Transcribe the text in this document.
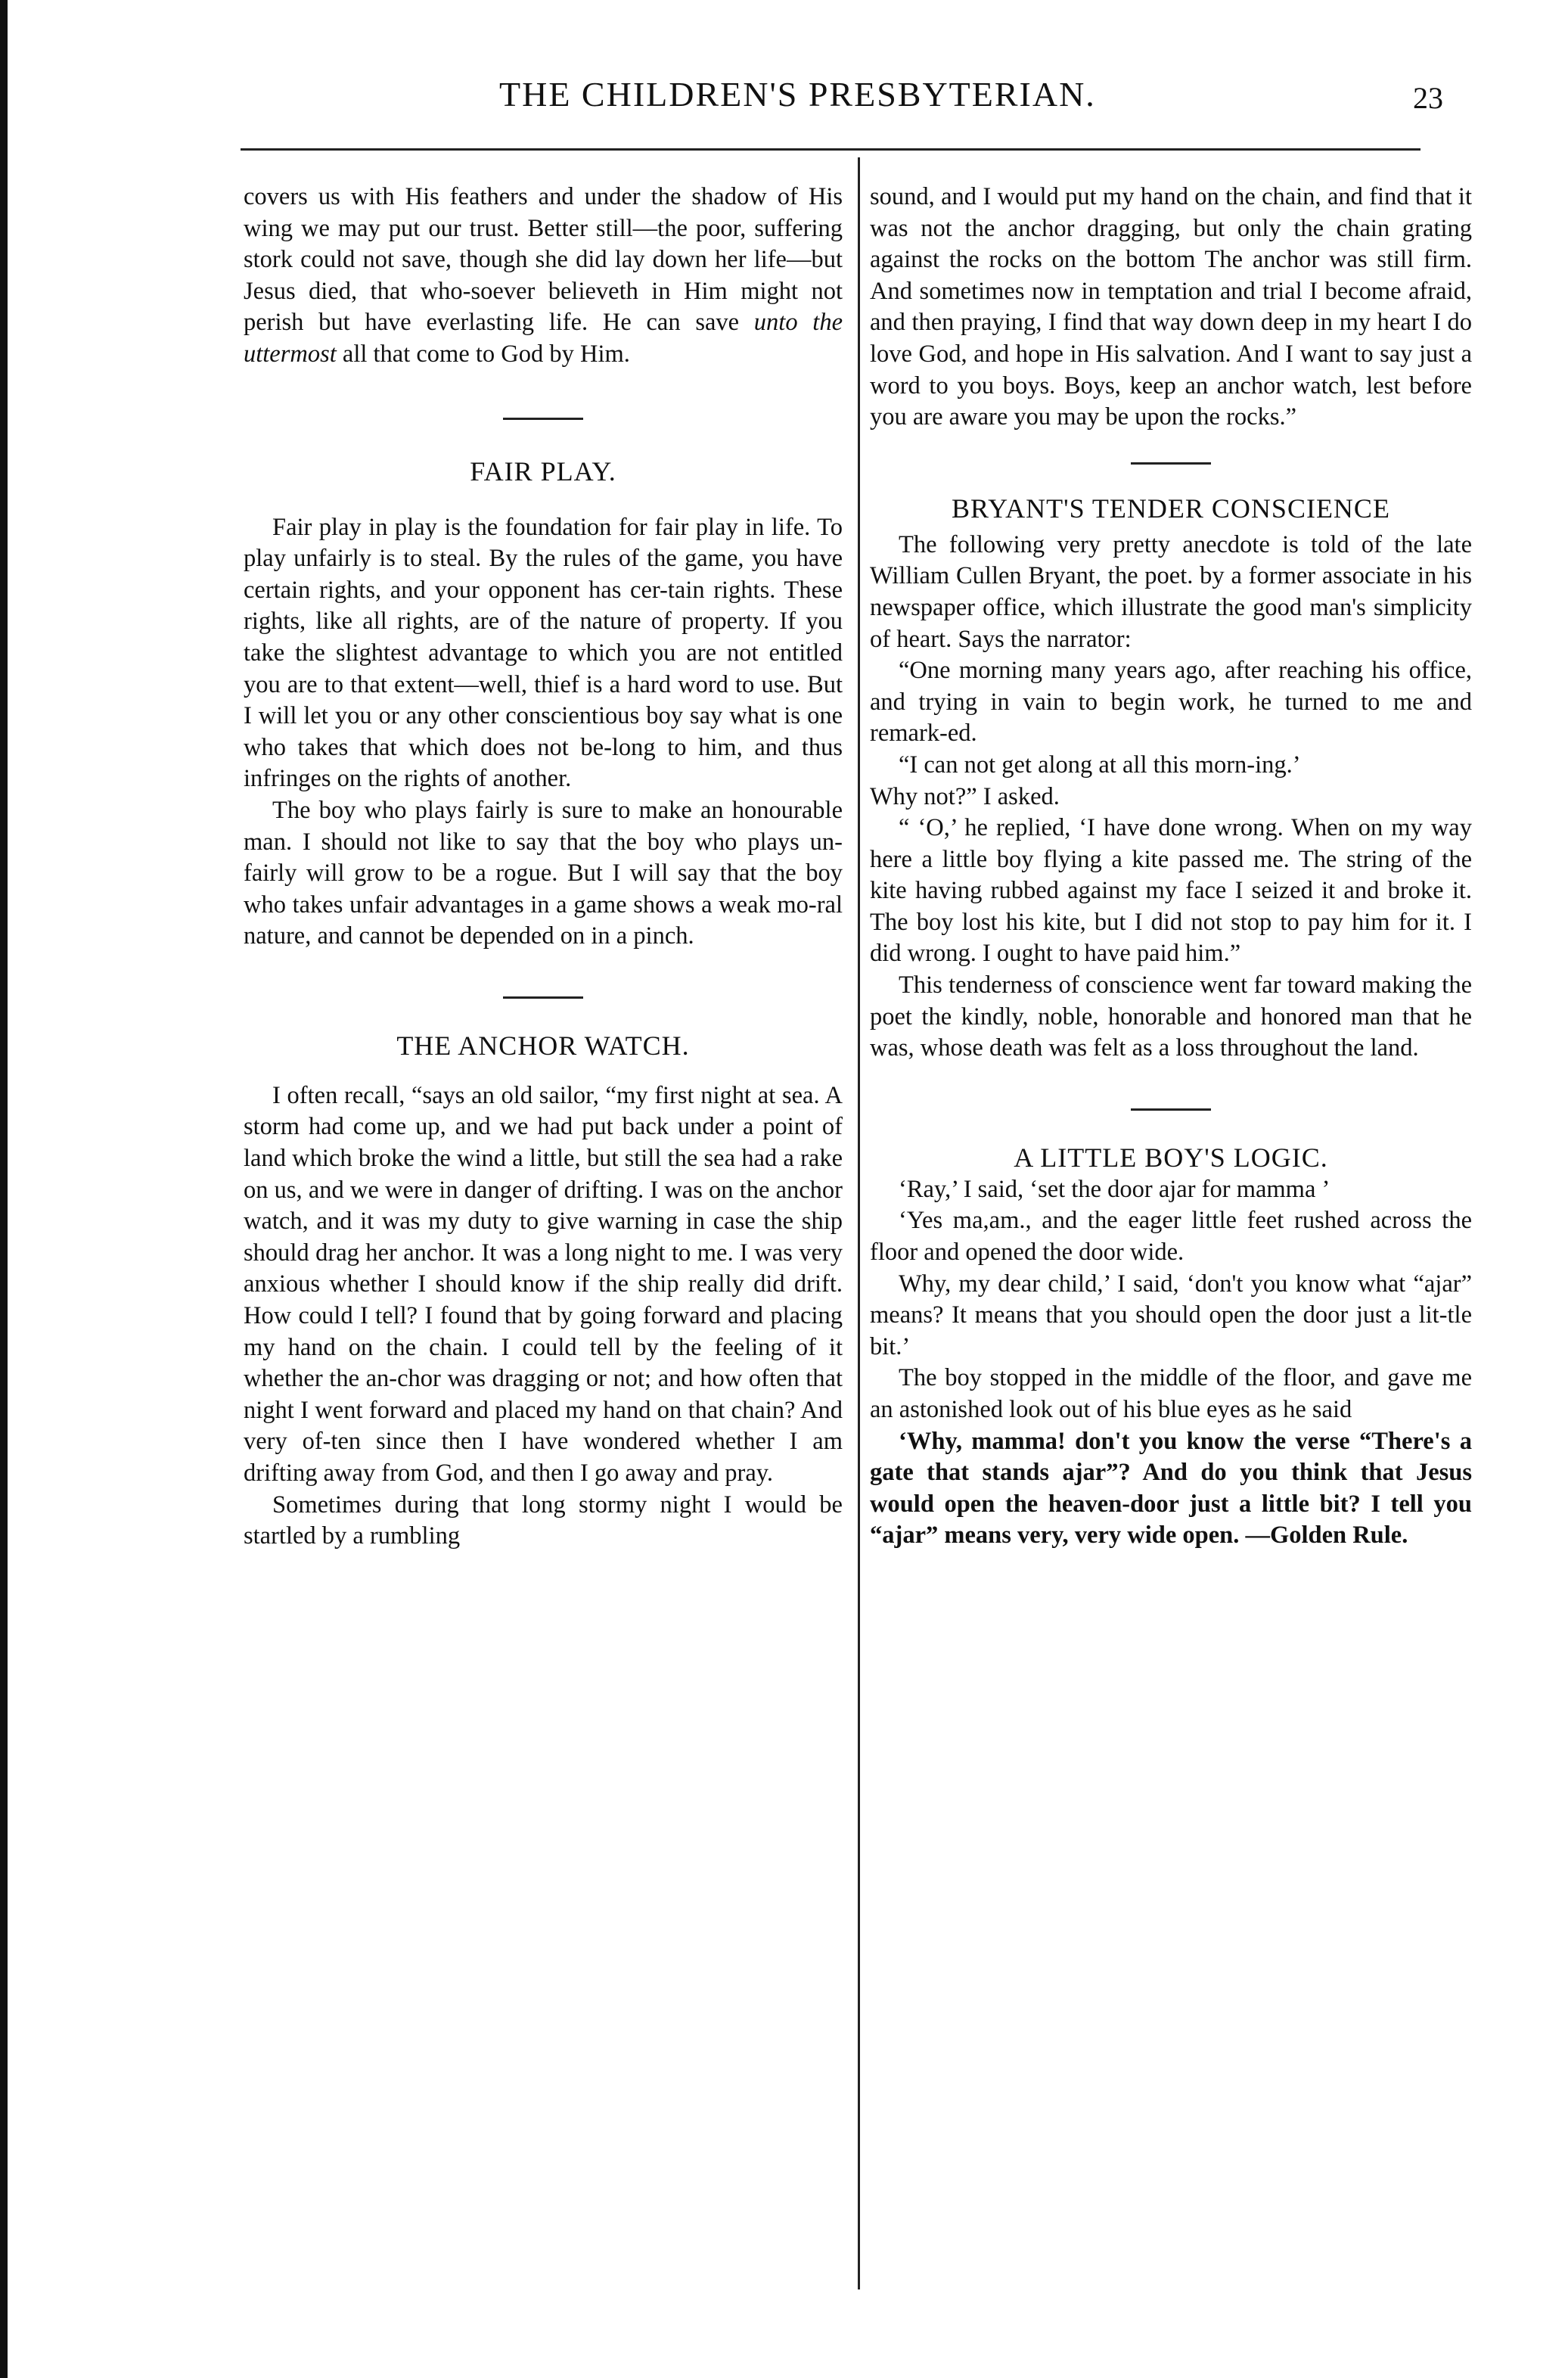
THE CHILDREN'S PRESBYTERIAN.	23

covers us with His feathers and under the shadow of His wing we may put our trust. Better still—the poor, suffering stork could not save, though she did lay down her life—but Jesus died, that who-soever believeth in Him might not perish but have everlasting life. He can save unto the uttermost all that come to God by Him.

FAIR PLAY.

Fair play in play is the foundation for fair play in life. To play unfairly is to steal. By the rules of the game, you have certain rights, and your opponent has cer-tain rights. These rights, like all rights, are of the nature of property. If you take the slightest advantage to which you are not entitled you are to that extent—well, thief is a hard word to use. But I will let you or any other conscientious boy say what is one who takes that which does not be-long to him, and thus infringes on the rights of another.

The boy who plays fairly is sure to make an honourable man. I should not like to say that the boy who plays un-fairly will grow to be a rogue. But I will say that the boy who takes unfair advantages in a game shows a weak mo-ral nature, and cannot be depended on in a pinch.

THE ANCHOR WATCH.

I often recall, “says an old sailor, “my first night at sea. A storm had come up, and we had put back under a point of land which broke the wind a little, but still the sea had a rake on us, and we were in danger of drifting. I was on the anchor watch, and it was my duty to give warning in case the ship should drag her anchor. It was a long night to me. I was very anxious whether I should know if the ship really did drift. How could I tell? I found that by going forward and placing my hand on the chain. I could tell by the feeling of it whether the an-chor was dragging or not; and how often that night I went forward and placed my hand on that chain? And very of-ten since then I have wondered whether I am drifting away from God, and then I go away and pray.

Sometimes during that long stormy night I would be startled by a rumbling

sound, and I would put my hand on the chain, and find that it was not the anchor dragging, but only the chain grating against the rocks on the bottom The anchor was still firm. And sometimes now in temptation and trial I become afraid, and then praying, I find that way down deep in my heart I do love God, and hope in His salvation. And I want to say just a word to you boys. Boys, keep an anchor watch, lest before you are aware you may be upon the rocks.”

BRYANT'S TENDER CONSCIENCE

The following very pretty anecdote is told of the late William Cullen Bryant, the poet. by a former associate in his newspaper office, which illustrate the good man's simplicity of heart. Says the narrator:

“One morning many years ago, after reaching his office, and trying in vain to begin work, he turned to me and remark-ed.

“I can not get along at all this morn-ing.’

Why not?” I asked.

“ ‘O,’ he replied, ‘I have done wrong. When on my way here a little boy flying a kite passed me. The string of the kite having rubbed against my face I seized it and broke it. The boy lost his kite, but I did not stop to pay him for it. I did wrong. I ought to have paid him.”

This tenderness of conscience went far toward making the poet the kindly, noble, honorable and honored man that he was, whose death was felt as a loss throughout the land.

A LITTLE BOY'S LOGIC.

‘Ray,’ I said, ‘set the door ajar for mamma ’

‘Yes ma,am., and the eager little feet rushed across the floor and opened the door wide.

Why, my dear child,’ I said, ‘don't you know what “ajar” means? It means that you should open the door just a lit-tle bit.’

The boy stopped in the middle of the floor, and gave me an astonished look out of his blue eyes as he said

‘Why, mamma! don't you know the verse “There's a gate that stands ajar”? And do you think that Jesus would open the heaven-door just a little bit? I tell you “ajar” means very, very wide open. —Golden Rule.
